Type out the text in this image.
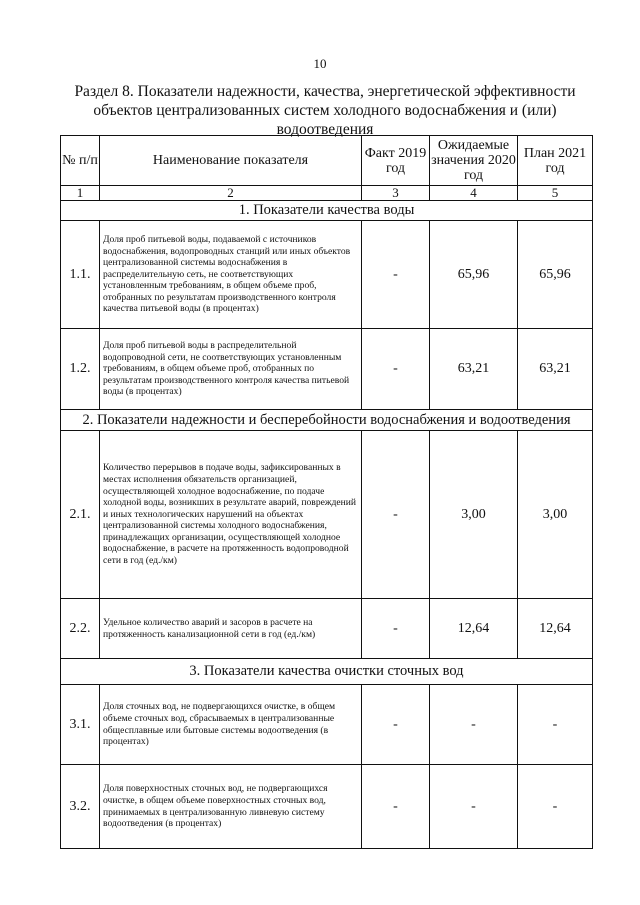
10
Раздел 8. Показатели надежности, качества, энергетической эффективности объектов централизованных систем холодного водоснабжения и (или) водоотведения
№ п/п	Наименование показателя	Факт 2019 год	Ожидаемые значения 2020 год	План 2021 год
1	2	3	4	5
1. Показатели качества воды				
1.1.	Доля проб питьевой воды, подаваемой с источников водоснабжения, водопроводных станций или иных объектов централизованной системы водоснабжения в распределительную сеть, не соответствующих установленным требованиям, в общем объеме проб, отобранных по результатам производственного контроля качества питьевой воды (в процентах)	-	65,96	65,96
1.2.	Доля проб питьевой воды в распределительной водопроводной сети, не соответствующих установленным требованиям, в общем объеме проб, отобранных по результатам производственного контроля качества питьевой воды (в процентах)	-	63,21	63,21
2. Показатели надежности и бесперебойности водоснабжения и водоотведения				
2.1.	Количество перерывов в подаче воды, зафиксированных в местах исполнения обязательств организацией, осуществляющей холодное водоснабжение, по подаче холодной воды, возникших в результате аварий, повреждений и иных технологических нарушений на объектах централизованной системы холодного водоснабжения, принадлежащих организации, осуществляющей холодное водоснабжение, в расчете на протяженность водопроводной сети в год (ед./км)	-	3,00	3,00
2.2.	Удельное количество аварий и засоров в расчете на протяженность канализационной сети в год (ед./км)	-	12,64	12,64
3. Показатели качества очистки сточных вод				
3.1.	Доля сточных вод, не подвергающихся очистке, в общем объеме сточных вод, сбрасываемых в централизованные общесплавные или бытовые системы водоотведения (в процентах)	-	-	-
3.2.	Доля поверхностных сточных вод, не подвергающихся очистке, в общем объеме поверхностных сточных вод, принимаемых в централизованную ливневую систему водоотведения (в процентах)	-	-	-
